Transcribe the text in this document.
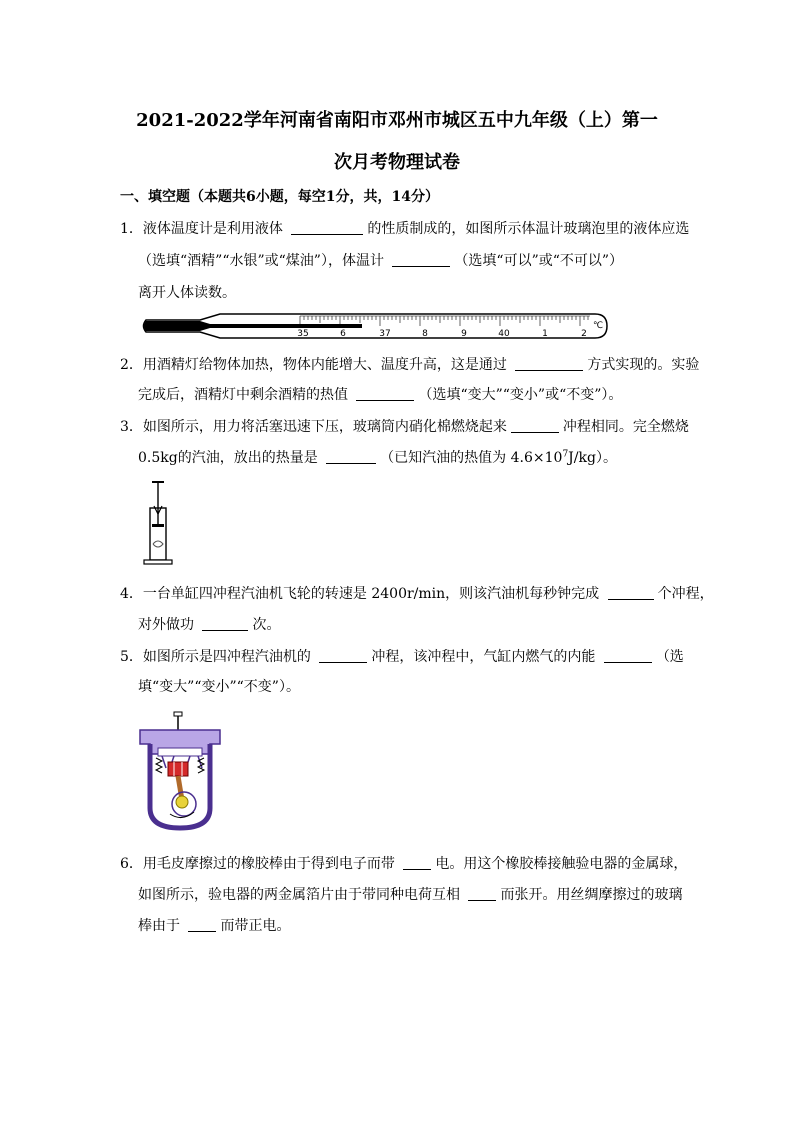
2021-2022学年河南省南阳市邓州市城区五中九年级（上）第一
次月考物理试卷
一、填空题（本题共6小题，每空1分，共，14分）
1．液体温度计是利用液体	的性质制成的，如图所示体温计玻璃泡里的液体应选
（选填“酒精”“水银”或“煤油”），体温计	（选填“可以”或“不可以”）
离开人体读数。
35	6	37	8	9	40	1	2
℃
2．用酒精灯给物体加热，物体内能增大、温度升高，这是通过	方式实现的。实验
完成后，酒精灯中剩余酒精的热值	（选填“变大”“变小”或“不变”）。
3．如图所示，用力将活塞迅速下压，玻璃筒内硝化棉燃烧起来	冲程相同。完全燃烧
0.5kg的汽油，放出的热量是	（已知汽油的热值为 $4.6\times 10^7J/kg$）。
4．一台单缸四冲程汽油机飞轮的转速是 2400r/min，则该汽油机每秒钟完成	个冲程，
对外做功	次。
5．如图所示是四冲程汽油机的	冲程，该冲程中，气缸内燃气的内能	（选
填“变大”“变小”“不变”）。
6．用毛皮摩擦过的橡胶棒由于得到电子而带	电。用这个橡胶棒接触验电器的金属球，
如图所示，验电器的两金属箔片由于带同种电荷互相	而张开。用丝绸摩擦过的玻璃
棒由于	而带正电。
